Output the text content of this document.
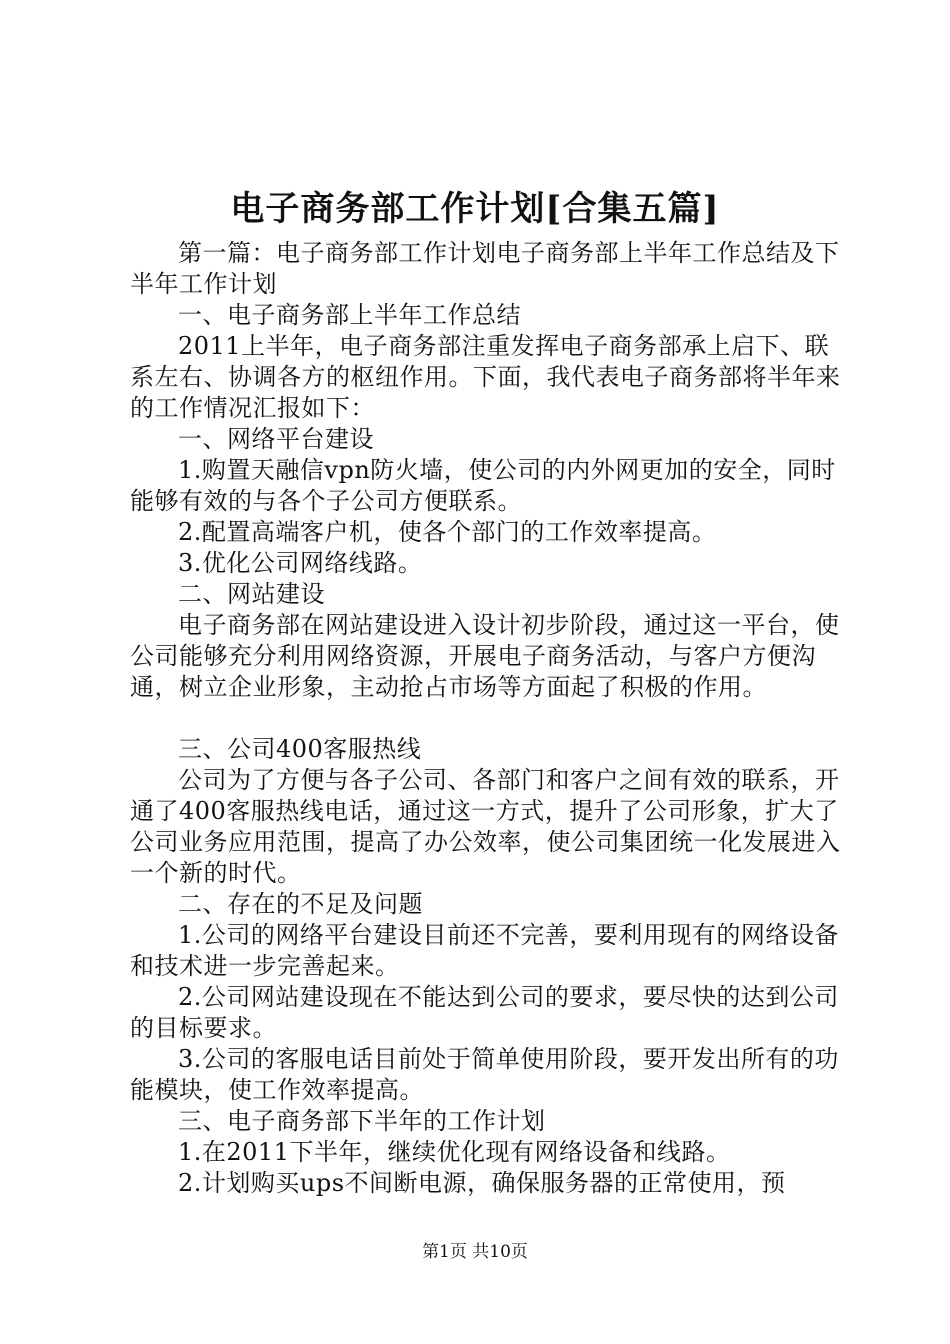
电子商务部工作计划[合集五篇]

第一篇：电子商务部工作计划电子商务部上半年工作总结及下半年工作计划

一、电子商务部上半年工作总结

2011上半年，电子商务部注重发挥电子商务部承上启下、联系左右、协调各方的枢纽作用。下面，我代表电子商务部将半年来的工作情况汇报如下：

一、网络平台建设

1.购置天融信vpn防火墙，使公司的内外网更加的安全，同时能够有效的与各个子公司方便联系。

2.配置高端客户机，使各个部门的工作效率提高。

3.优化公司网络线路。

二、网站建设

电子商务部在网站建设进入设计初步阶段，通过这一平台，使公司能够充分利用网络资源，开展电子商务活动，与客户方便沟通，树立企业形象，主动抢占市场等方面起了积极的作用。

三、公司400客服热线

公司为了方便与各子公司、各部门和客户之间有效的联系，开通了400客服热线电话，通过这一方式，提升了公司形象，扩大了公司业务应用范围，提高了办公效率，使公司集团统一化发展进入一个新的时代。

二、存在的不足及问题

1.公司的网络平台建设目前还不完善，要利用现有的网络设备和技术进一步完善起来。

2.公司网站建设现在不能达到公司的要求，要尽快的达到公司的目标要求。

3.公司的客服电话目前处于简单使用阶段，要开发出所有的功能模块，使工作效率提高。

三、电子商务部下半年的工作计划

1.在2011下半年，继续优化现有网络设备和线路。

2.计划购买ups不间断电源，确保服务器的正常使用，预

第1页 共10页
